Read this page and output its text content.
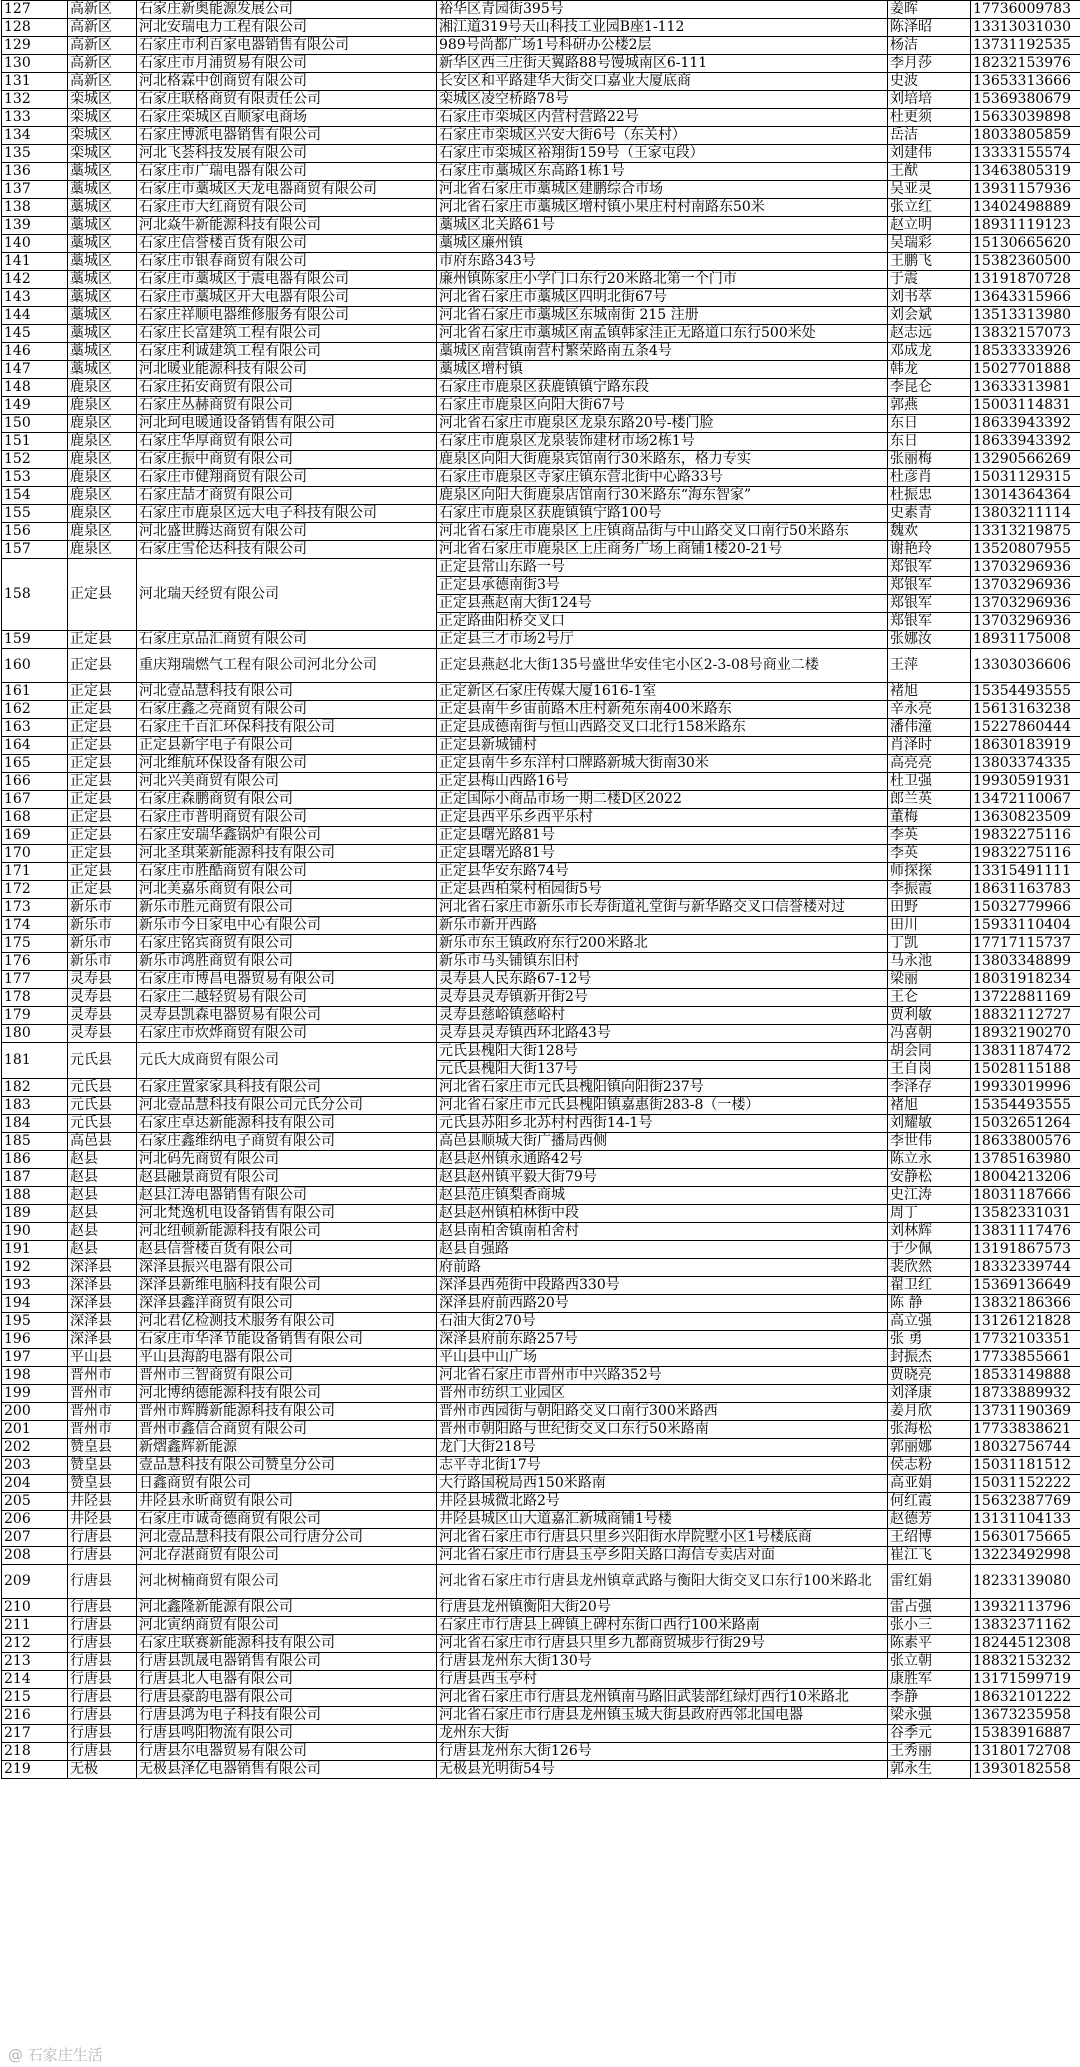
127	高新区	石家庄新奥能源发展公司	裕华区青园街395号	姜晖	17736009783
128	高新区	河北安瑞电力工程有限公司	湘江道319号天山科技工业园B座1-112	陈泽昭	13313031030
129	高新区	石家庄市利百家电器销售有限公司	989号尚都广场1号科研办公楼2层	杨洁	13731192535
130	高新区	石家庄市月浦贸易有限公司	新华区西三庄街天翼路88号馒城南区6-111	李月莎	18232153976
131	高新区	河北格霖中创商贸有限公司	长安区和平路建华大街交口嘉业大厦底商	史波	13653313666
132	栾城区	石家庄联格商贸有限责任公司	栾城区凌空桥路78号	刘培培	15369380679
133	栾城区	石家庄栾城区百顺家电商场	石家庄市栾城区内营村营路22号	杜更须	15633039898
134	栾城区	石家庄博派电器销售有限公司	石家庄市栾城区兴安大街6号（东关村）	岳洁	18033805859
135	栾城区	河北飞荟科技发展有限公司	石家庄市栾城区裕翔街159号（王家屯段）	刘建伟	13333155574
136	藁城区	石家庄市广瑞电器有限公司	石家庄市藁城区东高路1栋1号	王猷	13463805319
137	藁城区	石家庄市藁城区天龙电器商贸有限公司	河北省石家庄市藁城区建鹏综合市场	吴亚灵	13931157936
138	藁城区	石家庄市大红商贸有限公司	河北省石家庄市藁城区增村镇小果庄村村南路东50米	张立红	13402498889
139	藁城区	河北焱牛新能源科技有限公司	藁城区北关路61号	赵立明	18931119123
140	藁城区	石家庄信誉楼百货有限公司	藁城区廉州镇	吴瑞彩	15130665620
141	藁城区	石家庄市银春商贸有限公司	市府东路343号	王鹏飞	15382360500
142	藁城区	石家庄市藁城区于震电器有限公司	廉州镇陈家庄小学门口东行20米路北第一个门市	于震	13191870728
143	藁城区	石家庄市藁城区开大电器有限公司	河北省石家庄市藁城区四明北街67号	刘书萃	13643315966
144	藁城区	石家庄祥顺电器维修服务有限公司	河北省石家庄市藁城区东城南街 215 注册	刘会斌	13513313980
145	藁城区	石家庄长富建筑工程有限公司	河北省石家庄市藁城区南孟镇韩家洼正无路道口东行500米处	赵志远	13832157073
146	藁城区	石家庄利诚建筑工程有限公司	藁城区南营镇南营村繁荣路南五条4号	邓成龙	18533333926
147	藁城区	河北暖业能源科技有限公司	藁城区增村镇	韩龙	15027701888
148	鹿泉区	石家庄拓安商贸有限公司	石家庄市鹿泉区获鹿镇镇宁路东段	李昆仑	13633313981
149	鹿泉区	石家庄丛赫商贸有限公司	石家庄市鹿泉区向阳大街67号	郭燕	15003114831
150	鹿泉区	河北珂电暖通设备销售有限公司	河北省石家庄市鹿泉区龙泉东路20号-楼门脸	东日	18633943392
151	鹿泉区	石家庄华厚商贸有限公司	石家庄市鹿泉区龙泉装饰建材市场2栋1号	东日	18633943392
152	鹿泉区	石家庄振中商贸有限公司	鹿泉区向阳大街鹿泉宾馆南行30米路东，格力专实	张丽梅	13290566269
153	鹿泉区	石家庄市健翔商贸有限公司	石家庄市鹿泉区寺家庄镇东营北街中心路33号	杜彦肖	15031129315
154	鹿泉区	石家庄喆才商贸有限公司	鹿泉区向阳大街鹿泉店馆南行30米路东“海东智家”	杜振忠	13014364364
155	鹿泉区	石家庄市鹿泉区远大电子科技有限公司	石家庄市鹿泉区获鹿镇镇宁路100号	史素青	13803211114
156	鹿泉区	河北盛世腾达商贸有限公司	河北省石家庄市鹿泉区上庄镇商品街与中山路交叉口南行50米路东	魏欢	13313219875
157	鹿泉区	石家庄雪伦达科技有限公司	河北省石家庄市鹿泉区上庄商务广场上商铺1楼20-21号	谢艳玲	13520807955
158	正定县	河北瑞天经贸有限公司	正定县常山东路一号	郑银军	13703296936
			正定县承德南街3号	郑银军	13703296936
			正定县燕赵南大街124号	郑银军	13703296936
			正定路曲阳桥交叉口	郑银军	13703296936
159	正定县	石家庄京品汇商贸有限公司	正定县三才市场2号厅	张娜汝	18931175008
160	正定县	重庆翔瑞燃气工程有限公司河北分公司	正定县燕赵北大街135号盛世华安佳宅小区2-3-08号商业二楼	王萍	13303036606
161	正定县	河北壹品慧科技有限公司	正定新区石家庄传媒大厦1616-1室	褚旭	15354493555
162	正定县	石家庄鑫之亮商贸有限公司	正定县南牛乡宙前路木庄村新苑东南400米路东	辛永亮	15613163238
163	正定县	石家庄千百汇环保科技有限公司	正定县成德南街与恒山西路交叉口北行158米路东	潘伟潼	15227860444
164	正定县	正定县新宇电子有限公司	正定县新城铺村	肖泽时	18630183919
165	正定县	河北维航环保设备有限公司	正定县南牛乡东洋村口牌路新城大街南30米	高亮亮	13803374335
166	正定县	河北兴美商贸有限公司	正定县梅山西路16号	杜卫强	19930591931
167	正定县	石家庄森鹏商贸有限公司	正定国际小商品市场一期二楼D区2022	郎兰英	13472110067
168	正定县	石家庄市普明商贸有限公司	正定县西平乐乡西平乐村	董梅	13630823509
169	正定县	石家庄安瑞华鑫锅炉有限公司	正定县曙光路81号	李英	19832275116
170	正定县	河北圣琪莱新能源科技有限公司	正定县曙光路81号	李英	19832275116
171	正定县	石家庄市胜酷商贸有限公司	正定县华安东路74号	师探探	13315491111
172	正定县	河北美嘉乐商贸有限公司	正定县西柏棠村栢园街5号	李振霞	18631163783
173	新乐市	新乐市胜元商贸有限公司	河北省石家庄市新乐市长寿街道礼堂街与新华路交叉口信誉楼对过	田野	15032779966
174	新乐市	新乐市今日家电中心有限公司	新乐市新开西路	田川	15933110404
175	新乐市	石家庄铭宾商贸有限公司	新乐市东王镇政府东行200米路北	丁凯	17717115737
176	新乐市	新乐市鸿胜商贸有限公司	新乐市马头铺镇东旧村	马永池	13803348899
177	灵寿县	石家庄市博昌电器贸易有限公司	灵寿县人民东路67-12号	梁丽	18031918234
178	灵寿县	石家庄二越轻贸易有限公司	灵寿县灵寿镇新开街2号	王仑	13722881169
179	灵寿县	灵寿县凯森电器贸易有限公司	灵寿县慈峪镇慈峪村	贾利敏	18832112727
180	灵寿县	石家庄市炊烨商贸有限公司	灵寿县灵寿镇西环北路43号	冯喜朝	18932190270
181	元氏县	元氏大成商贸有限公司	元氏县槐阳大街128号	胡会同	13831187472
			元氏县槐阳大街137号	王自岗	15028115188
182	元氏县	石家庄置家家具科技有限公司	河北省石家庄市元氏县槐阳镇向阳街237号	李泽存	19933019996
183	元氏县	河北壹品慧科技有限公司元氏分公司	河北省石家庄市元氏县槐阳镇嘉惠街283-8（一楼）	褚旭	15354493555
184	元氏县	石家庄卓达新能源科技有限公司	元氏县苏阳乡北苏村村西街14-1号	刘耀敏	15032651264
185	高邑县	石家庄鑫维纳电子商贸有限公司	高邑县顺城大街广播局西侧	李世伟	18633800576
186	赵县	河北码先商贸有限公司	赵县赵州镇永通路42号	陈立永	13785163980
187	赵县	赵县融景商贸有限公司	赵县赵州镇平毅大街79号	安静松	18004213206
188	赵县	赵县江涛电器销售有限公司	赵县范庄镇梨香商城	史江涛	18031187666
189	赵县	河北梵逸机电设备销售有限公司	赵县赵州镇柏林街中段	周丁	13582331031
190	赵县	河北纽顿新能源科技有限公司	赵县南柏舍镇南柏舍村	刘林辉	13831117476
191	赵县	赵县信誉楼百货有限公司	赵县自强路	于少佩	13191867573
192	深泽县	深泽县振兴电器有限公司	府前路	裴欣然	18332339744
193	深泽县	深泽县新维电脑科技有限公司	深泽县西苑街中段路西330号	翟卫红	15369136649
194	深泽县	深泽县鑫洋商贸有限公司	深泽县府前西路20号	陈 静	13832186366
195	深泽县	河北君亿检测技术服务有限公司	石油大街270号	高立强	13126121828
196	深泽县	石家庄市华泽节能设备销售有限公司	深泽县府前东路257号	张 勇	17732103351
197	平山县	平山县海韵电器有限公司	平山县中山广场	封振杰	17733855661
198	晋州市	晋州市三智商贸有限公司	河北省石家庄市晋州市中兴路352号	贾晓亮	18533149888
199	晋州市	河北博纳德能源科技有限公司	晋州市纺织工业园区	刘泽康	18733889932
200	晋州市	晋州市辉腾新能源科技有限公司	晋州市西园街与朝阳路交叉口南行300米路西	姜月欣	13731190369
201	晋州市	晋州市鑫信合商贸有限公司	晋州市朝阳路与世纪街交叉口东行50米路南	张海松	17733838621
202	赞皇县	新熠鑫辉新能源	龙门大街218号	郭丽娜	18032756744
203	赞皇县	壹品慧科技有限公司赞皇分公司	志平寺北街17号	侯志粉	15031181512
204	赞皇县	日鑫商贸有限公司	大行路国税局西150米路南	高亚娟	15031152222
205	井陉县	井陉县永昕商贸有限公司	井陉县城微北路2号	何红霞	15632387769
206	井陉县	石家庄市诚奇德商贸有限公司	井陉县城区山大道嘉汇新城商铺1号楼	赵德芳	13131104133
207	行唐县	河北壹品慧科技有限公司行唐分公司	河北省石家庄市行唐县只里乡兴阳街水岸院墅小区1号楼底商	王绍博	15630175665
208	行唐县	河北存湛商贸有限公司	河北省石家庄市行唐县玉亭乡阳关路口海信专卖店对面	崔江飞	13223492998
209	行唐县	河北树楠商贸有限公司	河北省石家庄市行唐县龙州镇章武路与衡阳大街交叉口东行100米路北	雷红娟	18233139080
210	行唐县	河北鑫隆新能源有限公司	行唐县龙州镇衡阳大街20号	雷占强	13932113796
211	行唐县	河北寅纳商贸有限公司	石家庄市行唐县上碑镇上碑村东街口西行100米路南	张小三	13832371162
212	行唐县	石家庄联赛新能源科技有限公司	河北省石家庄市行唐县只里乡九都商贸城步行街29号	陈素平	18244512308
213	行唐县	行唐县凯晟电器销售有限公司	行唐县龙州东大街130号	张立朝	18832153232
214	行唐县	行唐县北人电器有限公司	行唐县西玉亭村	康胜军	13171599719
215	行唐县	行唐县豪韵电器有限公司	河北省石家庄市行唐县龙州镇南马路旧武装部红绿灯西行10米路北	李静	18632101222
216	行唐县	行唐县鸿为电子科技有限公司	河北省石家庄市行唐县龙州镇玉城大街县政府西邻北国电器	梁永强	13673235958
217	行唐县	行唐县鸣阳物流有限公司	龙州东大街	谷季元	15383916887
218	行唐县	行唐县尔电器贸易有限公司	行唐县龙州东大街126号	王秀丽	13180172708
219	无极	无极县泽亿电器销售有限公司	无极县光明街54号	郭永生	13930182558
@ 石家庄生活
